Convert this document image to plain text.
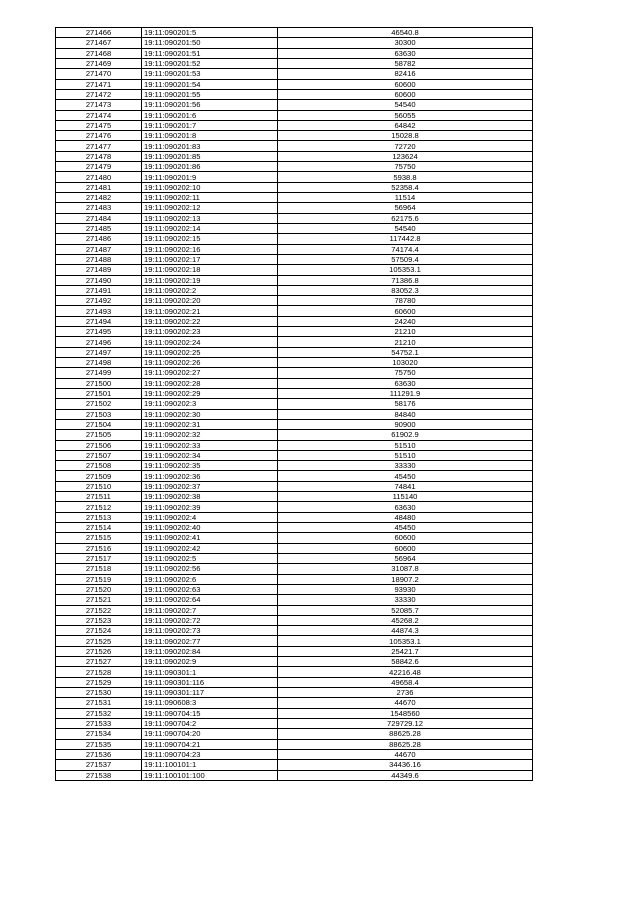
271466	19:11:090201:5	46540.8
271467	19:11:090201:50	30300
271468	19:11:090201:51	63630
271469	19:11:090201:52	58782
271470	19:11:090201:53	82416
271471	19:11:090201:54	60600
271472	19:11:090201:55	60600
271473	19:11:090201:56	54540
271474	19:11:090201:6	56055
271475	19:11:090201:7	64842
271476	19:11:090201:8	15028.8
271477	19:11:090201:83	72720
271478	19:11:090201:85	123624
271479	19:11:090201:86	75750
271480	19:11:090201:9	5938.8
271481	19:11:090202:10	52358.4
271482	19:11:090202:11	11514
271483	19:11:090202:12	56964
271484	19:11:090202:13	62175.6
271485	19:11:090202:14	54540
271486	19:11:090202:15	117442.8
271487	19:11:090202:16	74174.4
271488	19:11:090202:17	57509.4
271489	19:11:090202:18	105353.1
271490	19:11:090202:19	71386.8
271491	19:11:090202:2	83052.3
271492	19:11:090202:20	78780
271493	19:11:090202:21	60600
271494	19:11:090202:22	24240
271495	19:11:090202:23	21210
271496	19:11:090202:24	21210
271497	19:11:090202:25	54752.1
271498	19:11:090202:26	103020
271499	19:11:090202:27	75750
271500	19:11:090202:28	63630
271501	19:11:090202:29	111291.9
271502	19:11:090202:3	58176
271503	19:11:090202:30	84840
271504	19:11:090202:31	90900
271505	19:11:090202:32	61902.9
271506	19:11:090202:33	51510
271507	19:11:090202:34	51510
271508	19:11:090202:35	33330
271509	19:11:090202:36	45450
271510	19:11:090202:37	74841
271511	19:11:090202:38	115140
271512	19:11:090202:39	63630
271513	19:11:090202:4	48480
271514	19:11:090202:40	45450
271515	19:11:090202:41	60600
271516	19:11:090202:42	60600
271517	19:11:090202:5	56964
271518	19:11:090202:56	31087.8
271519	19:11:090202:6	18907.2
271520	19:11:090202:63	93930
271521	19:11:090202:64	33330
271522	19:11:090202:7	52085.7
271523	19:11:090202:72	45268.2
271524	19:11:090202:73	44874.3
271525	19:11:090202:77	105353.1
271526	19:11:090202:84	25421.7
271527	19:11:090202:9	58842.6
271528	19:11:090301:1	42216.48
271529	19:11:090301:116	49658.4
271530	19:11:090301:117	2736
271531	19:11:090608:3	44670
271532	19:11:090704:15	1548560
271533	19:11:090704:2	729729.12
271534	19:11:090704:20	88625.28
271535	19:11:090704:21	88625.28
271536	19:11:090704:23	44670
271537	19:11:100101:1	34436.16
271538	19:11:100101:100	44349.6
